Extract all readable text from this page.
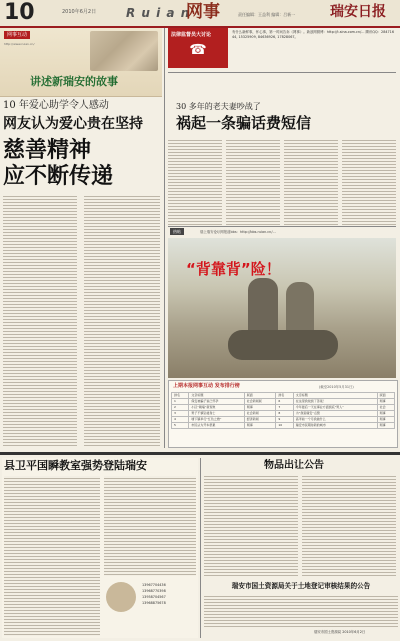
10	2010年6月2日 R u i a n
网事	责任编辑：王益利 编辑：吕新一 瑞安日报
网事互动
http://www.ruian.cn/
讲述新瑞安的故事
10 年爱心助学令人感动
网友认为爱心贵在坚持
慈善精神
应不断传递
法律监督员大讨论
☎
有什么新鲜事，怀心事，第一时间告诉《网事》。新浪网微博：http://t.sina.com.cn/... 腾讯QQ：28471644, 15325909, 84636926, 17828067。
30 多年的老夫妻吵战了
祸起一条骗话费短信
热帖	瑞上瑞安论坛网报道bbs：http://bbs.ruian.cn/...
“背靠背”险！
上期本报网事互动 发布排行榜	(截至2010年5月31日)
排名	文章标题	版面	排名	文章标题	版面
1	保安被骗子说已怀孕	社会新闻版	6	在这里我找到了答案！	网事
2	小区“刷墙”新现象	网事	7	今年最后一天在事业方面到底“男人”	社会
3	男子不慎坠楼身亡	社会新闻	8	为“我爱瑞安”点赞	网事
4	塘下镇举行“红色之旅”	经济新闻	9	高考前一个月我做什么	网事
5	市民认为开车很累	网事	10	瑞安市民期待新的城市	网事
县卫平国瞬教室强势登陆瑞安
13967704436
13968770398
13958704567
13968875678
物品出让公告
瑞安市国土资源局关于土地登记审核结果的公告
瑞安市国土资源局 2010年6月2日
